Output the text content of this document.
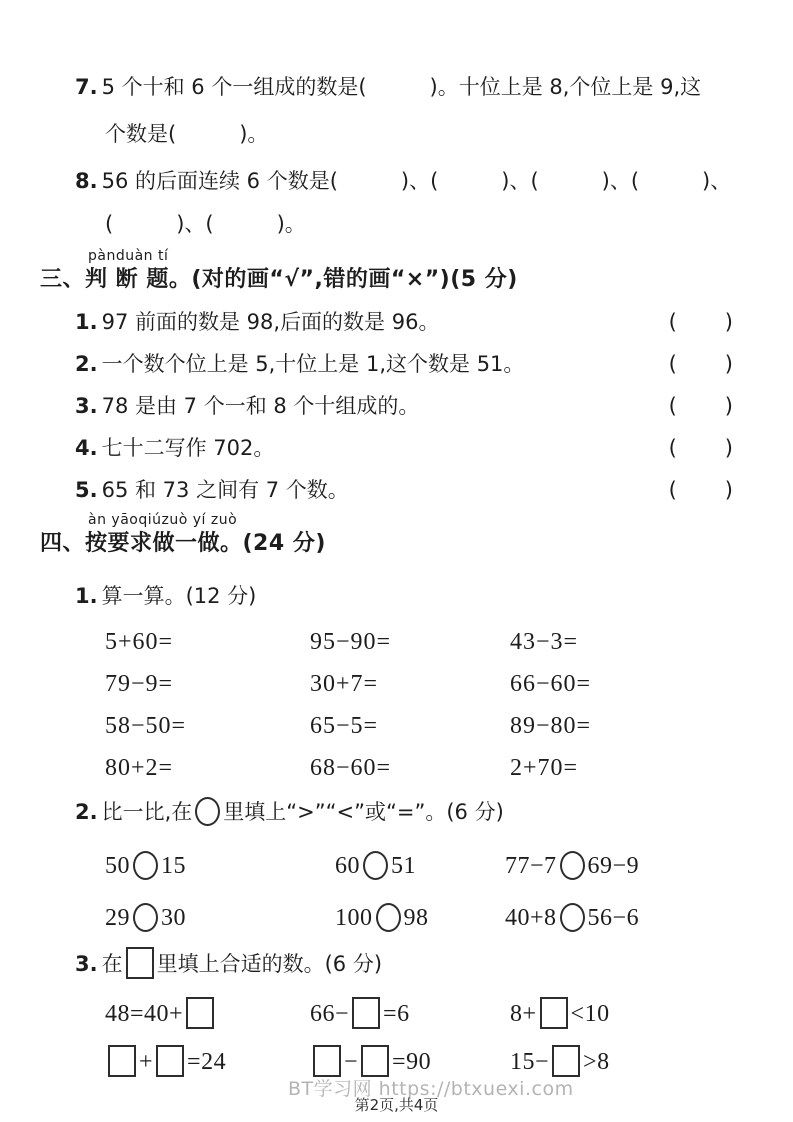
7. 5 个十和 6 个一组成的数是(　　　)。十位上是 8,个位上是 9,这
个数是(　　　)。
8. 56 的后面连续 6 个数是(　　　)、(　　　)、(　　　)、(　　　)、
(　　　)、(　　　)。
pànduàn tí
三、判 断 题。(对的画“√”,错的画“×”)(5 分)
1. 97 前面的数是 98,后面的数是 96。	(　　)
2. 一个数个位上是 5,十位上是 1,这个数是 51。	(　　)
3. 78 是由 7 个一和 8 个十组成的。	(　　)
4. 七十二写作 702。	(　　)
5. 65 和 73 之间有 7 个数。	(　　)
àn yāoqiúzuò yí zuò
四、按要求做一做。(24 分)
1. 算一算。(12 分)
5+60=	95−90=	43−3=
79−9=	30+7=	66−60=
58−50=	65−5=	89−80=
80+2=	68−60=	2+70=
2. 比一比,在 里填上“>”“<”或“=”。(6 分)
50 15	60 51	77−7 69−9
29 30	100 98	40+8 56−6
3. 在 里填上合适的数。(6 分)
48=40+	66− =6	8+ <10
+ =24	− =90	15− >8
BT学习网 https://btxuexi.com
第2页,共4页
